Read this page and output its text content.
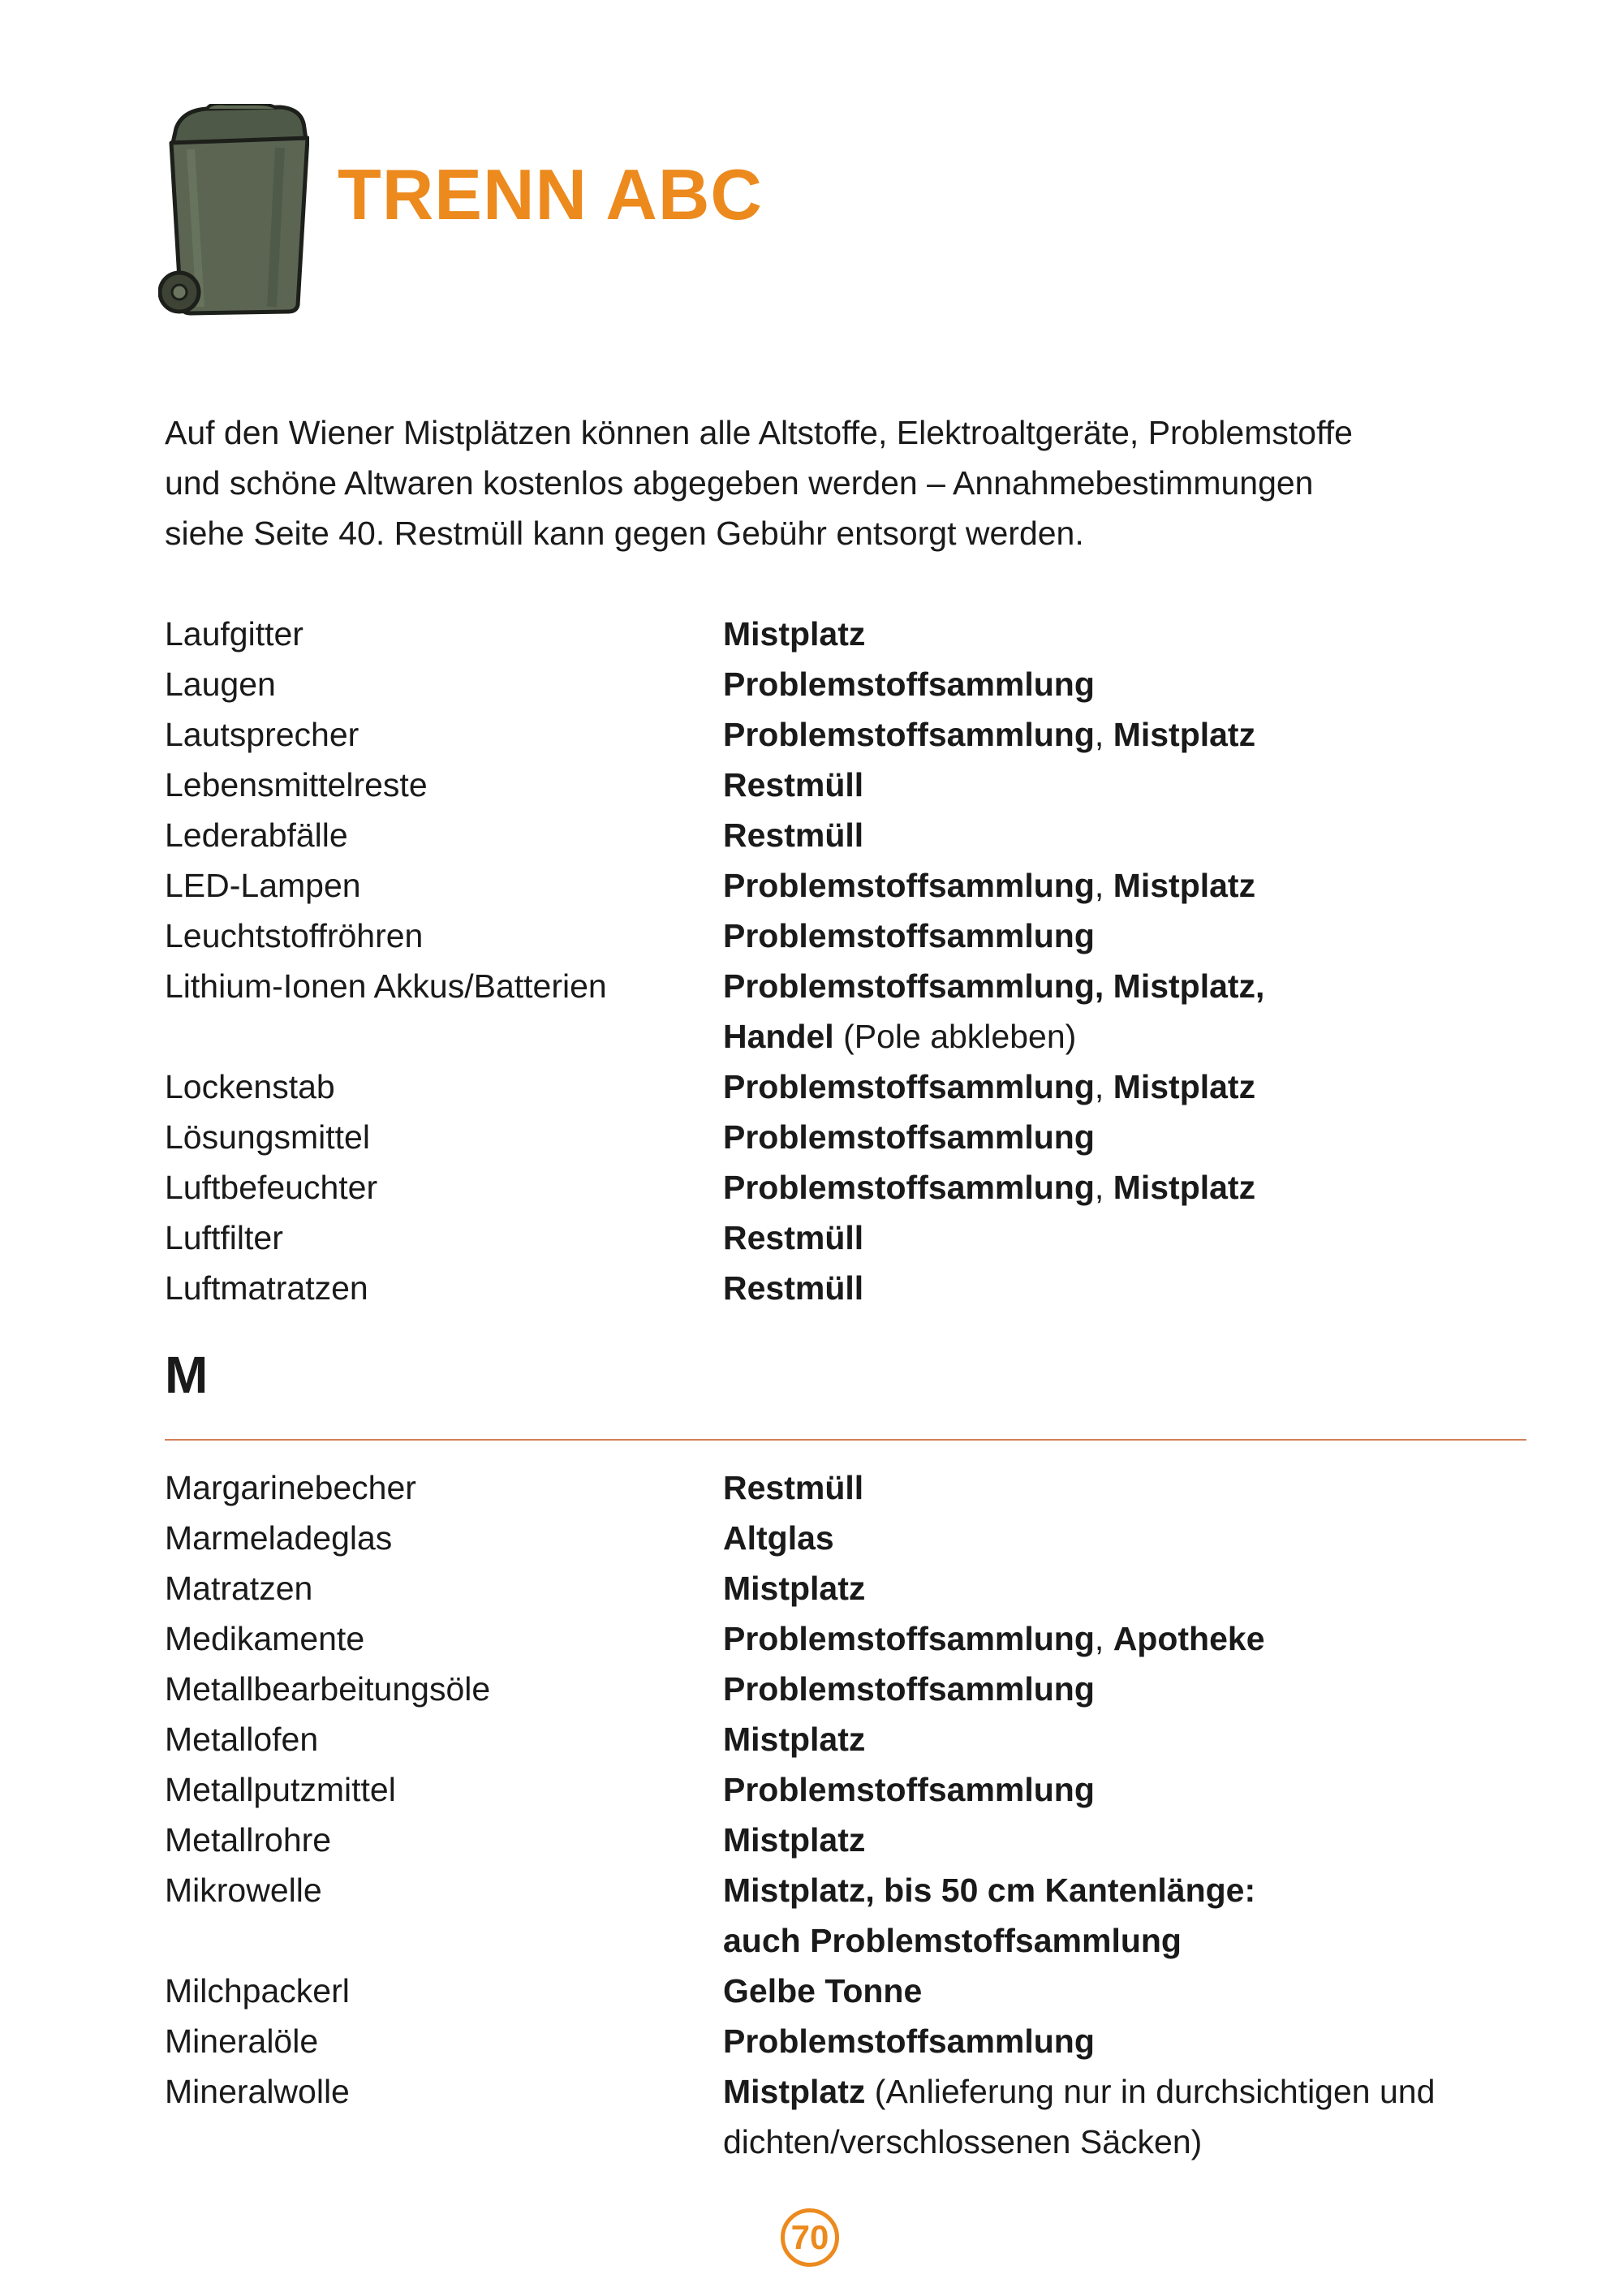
TRENN ABC
Auf den Wiener Mistplätzen können alle Altstoffe, Elektroaltgeräte, Problemstoffe
und schöne Altwaren kostenlos abgegeben werden – Annahmebestimmungen
siehe Seite 40. Restmüll kann gegen Gebühr entsorgt werden.
Laufgitter	Mistplatz
Laugen	Problemstoffsammlung
Lautsprecher	Problemstoffsammlung, Mistplatz
Lebensmittelreste	Restmüll
Lederabfälle	Restmüll
LED-Lampen	Problemstoffsammlung, Mistplatz
Leuchtstoffröhren	Problemstoffsammlung
Lithium-Ionen Akkus/Batterien	Problemstoffsammlung, Mistplatz,
Handel (Pole abkleben)
Lockenstab	Problemstoffsammlung, Mistplatz
Lösungsmittel	Problemstoffsammlung
Luftbefeuchter	Problemstoffsammlung, Mistplatz
Luftfilter	Restmüll
Luftmatratzen	Restmüll
M
Margarinebecher	Restmüll
Marmeladeglas	Altglas
Matratzen	Mistplatz
Medikamente	Problemstoffsammlung, Apotheke
Metallbearbeitungsöle	Problemstoffsammlung
Metallofen	Mistplatz
Metallputzmittel	Problemstoffsammlung
Metallrohre	Mistplatz
Mikrowelle	Mistplatz, bis 50 cm Kantenlänge:
auch Problemstoffsammlung
Milchpackerl	Gelbe Tonne
Mineralöle	Problemstoffsammlung
Mineralwolle	Mistplatz (Anlieferung nur in durchsichtigen und
dichten/verschlossenen Säcken)
70
